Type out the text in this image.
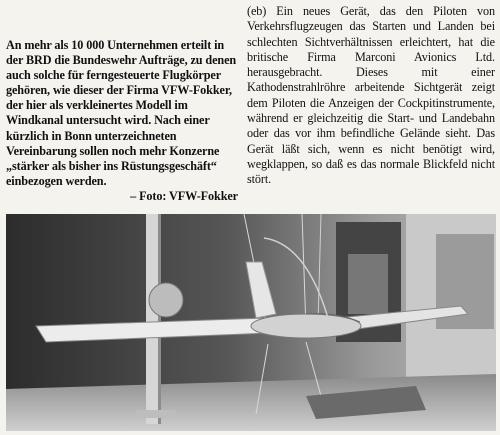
An mehr als 10 000 Unternehmen erteilt in der BRD die Bundeswehr Aufträge, zu denen auch solche für ferngesteuerte Flugkörper gehören, wie dieser der Firma VFW-Fokker, der hier als verkleinertes Modell im Windkanal untersucht wird. Nach einer kürzlich in Bonn unterzeichneten Vereinbarung sollen noch mehr Konzerne „stärker als bisher ins Rüstungsgeschäft“ einbezogen werden.
– Foto: VFW-Fokker

(eb) Ein neues Gerät, das den Piloten von Verkehrsflugzeugen das Starten und Landen bei schlechten Sichtverhältnissen erleichtert, hat die britische Firma Marconi Avionics Ltd. herausgebracht. Dieses mit einer Kathodenstrahlröhre arbeitende Sichtgerät zeigt dem Piloten die Anzeigen der Cockpitinstrumente, während er gleichzeitig die Start- und Landebahn oder das vor ihm befindliche Gelände sieht. Das Gerät läßt sich, wenn es nicht benötigt wird, wegklappen, so daß es das normale Blickfeld nicht stört.
